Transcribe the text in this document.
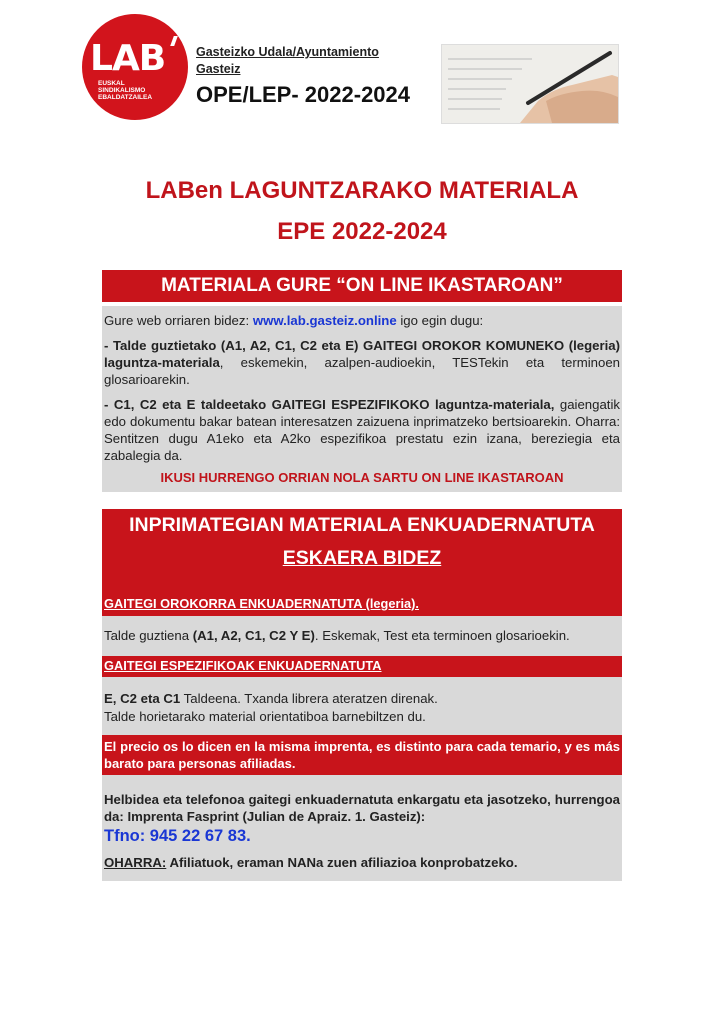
LAB
EUSKAL
SINDIKALISMO
EBALDATZAILEA
Gasteizko Udala/Ayuntamiento
Gasteiz
OPE/LEP- 2022-2024
LABen LAGUNTZARAKO MATERIALA
EPE 2022-2024
MATERIALA GURE “ON LINE IKASTAROAN”
Gure web orriaren bidez: www.lab.gasteiz.online igo egin dugu:
- Talde guztietako (A1, A2, C1, C2 eta E) GAITEGI OROKOR KOMUNEKO (legeria) laguntza-materiala, eskemekin, azalpen-audioekin, TESTekin eta terminoen glosarioarekin.
- C1, C2 eta E taldeetako GAITEGI ESPEZIFIKOKO laguntza-materiala, gaiengatik edo dokumentu bakar batean interesatzen zaizuena inprimatzeko bertsioarekin. Oharra: Sentitzen dugu A1eko eta A2ko espezifikoa prestatu ezin izana, bereziegia eta zabalegia da.
IKUSI HURRENGO ORRIAN NOLA SARTU ON LINE IKASTAROAN
INPRIMATEGIAN MATERIALA ENKUADERNATUTA
ESKAERA BIDEZ
GAITEGI OROKORRA ENKUADERNATUTA (legeria).
Talde guztiena (A1, A2, C1, C2 Y E). Eskemak, Test eta terminoen glosarioekin.
GAITEGI ESPEZIFIKOAK ENKUADERNATUTA
E, C2 eta C1 Taldeena. Txanda librera ateratzen direnak.
Talde horietarako material orientatiboa barnebiltzen du.
El precio os lo dicen en la misma imprenta, es distinto para cada temario, y es más barato para personas afiliadas.
Helbidea eta telefonoa gaitegi enkuadernatuta enkargatu eta jasotzeko, hurrengoa da: Imprenta Fasprint (Julian de Apraiz. 1. Gasteiz):
Tfno: 945 22 67 83.
OHARRA: Afiliatuok, eraman NANa zuen afiliazioa konprobatzeko.
